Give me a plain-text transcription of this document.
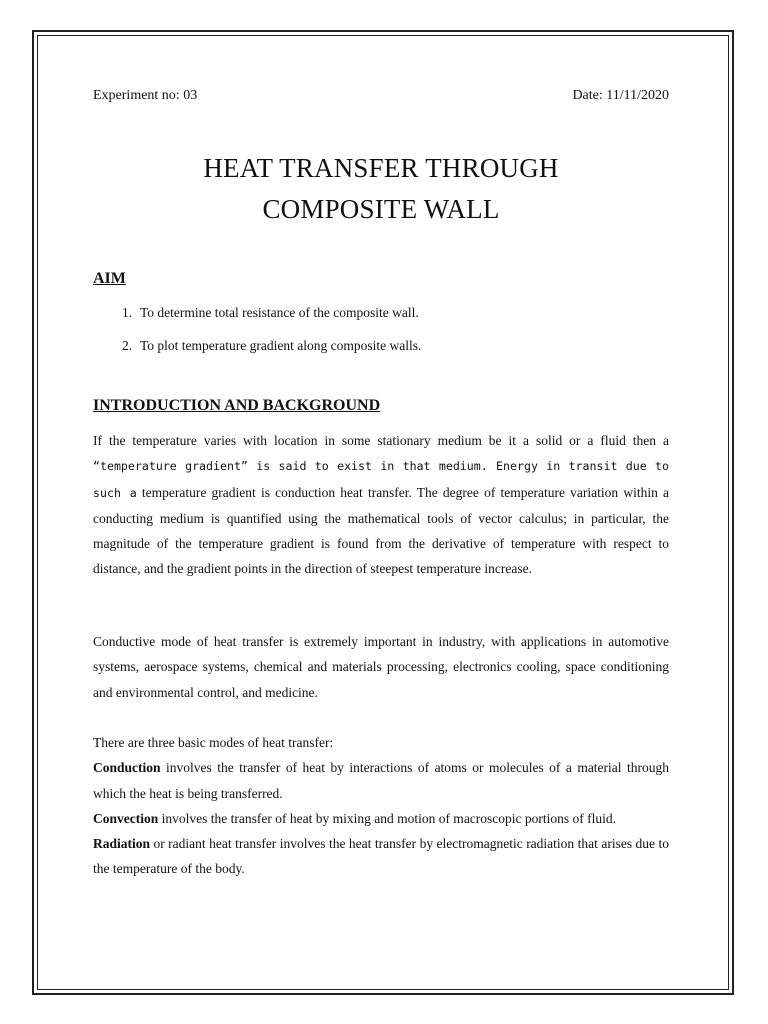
Experiment no: 03	Date: 11/11/2020
HEAT TRANSFER THROUGH
COMPOSITE WALL
AIM
1. To determine total resistance of the composite wall.
2. To plot temperature gradient along composite walls.
INTRODUCTION AND BACKGROUND

If the temperature varies with location in some stationary medium be it a solid or a fluid then a “temperature gradient” is said to exist in that medium. Energy in transit due to such a temperature gradient is conduction heat transfer. The degree of temperature variation within a conducting medium is quantified using the mathematical tools of vector calculus; in particular, the magnitude of the temperature gradient is found from the derivative of temperature with respect to distance, and the gradient points in the direction of steepest temperature increase.

Conductive mode of heat transfer is extremely important in industry, with applications in automotive systems, aerospace systems, chemical and materials processing, electronics cooling, space conditioning and environmental control, and medicine.

There are three basic modes of heat transfer:

Conduction involves the transfer of heat by interactions of atoms or molecules of a material through which the heat is being transferred.

Convection involves the transfer of heat by mixing and motion of macroscopic portions of fluid.

Radiation or radiant heat transfer involves the heat transfer by electromagnetic radiation that arises due to the temperature of the body.
